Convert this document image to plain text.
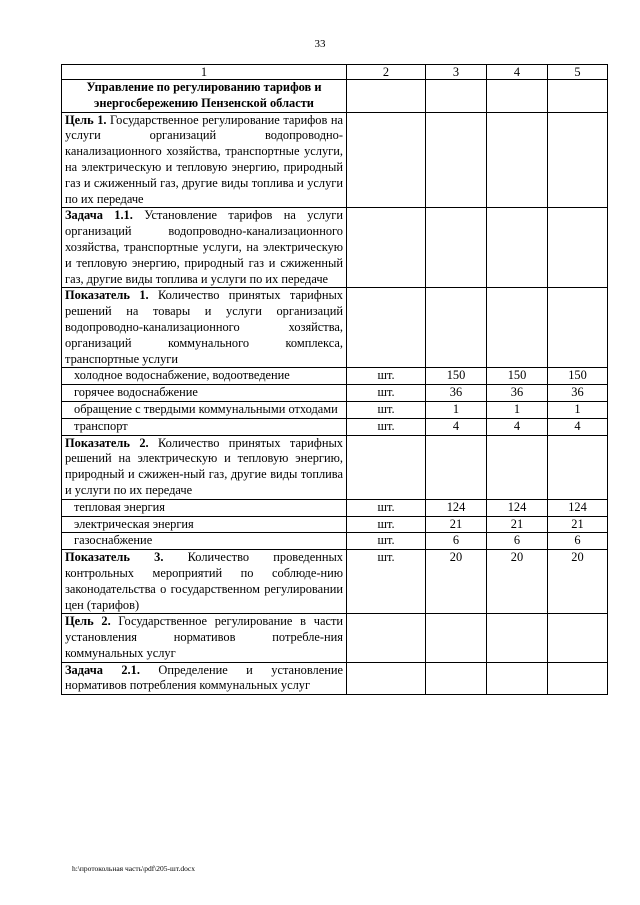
33
1	2	3	4	5
Управление по регулированию тарифов и энергосбережению Пензенской области				
Цель 1. Государственное регулирование тарифов на услуги организаций водопроводно-канализационного хозяйства, транспортные услуги, на электрическую и тепловую энергию, природный газ и сжиженный газ, другие виды топлива и услуги по их передаче				
Задача 1.1. Установление тарифов на услуги организаций водопроводно-канализационного хозяйства, транспортные услуги, на электрическую и тепловую энергию, природный газ и сжиженный газ, другие виды топлива и услуги по их передаче				
Показатель 1. Количество принятых тарифных решений на товары и услуги организаций водопроводно-канализационного хозяйства, организаций коммунального комплекса, транспортные услуги				
холодное водоснабжение, водоотведение	шт.	150	150	150
горячее водоснабжение	шт.	36	36	36
обращение с твердыми коммунальными отходами	шт.	1	1	1
транспорт	шт.	4	4	4
Показатель 2. Количество принятых тарифных решений на электрическую и тепловую энергию, природный и сжижен-ный газ, другие виды топлива и услуги по их передаче				
тепловая энергия	шт.	124	124	124
электрическая энергия	шт.	21	21	21
газоснабжение	шт.	6	6	6
Показатель 3. Количество проведенных контрольных мероприятий по соблюде-нию законодательства о государственном регулировании цен (тарифов)	шт.	20	20	20
Цель 2. Государственное регулирование в части установления нормативов потребле-ния коммунальных услуг				
Задача 2.1. Определение и установление нормативов потребления коммунальных услуг				
h:\протокольная часть\pdf\205-шт.docx
